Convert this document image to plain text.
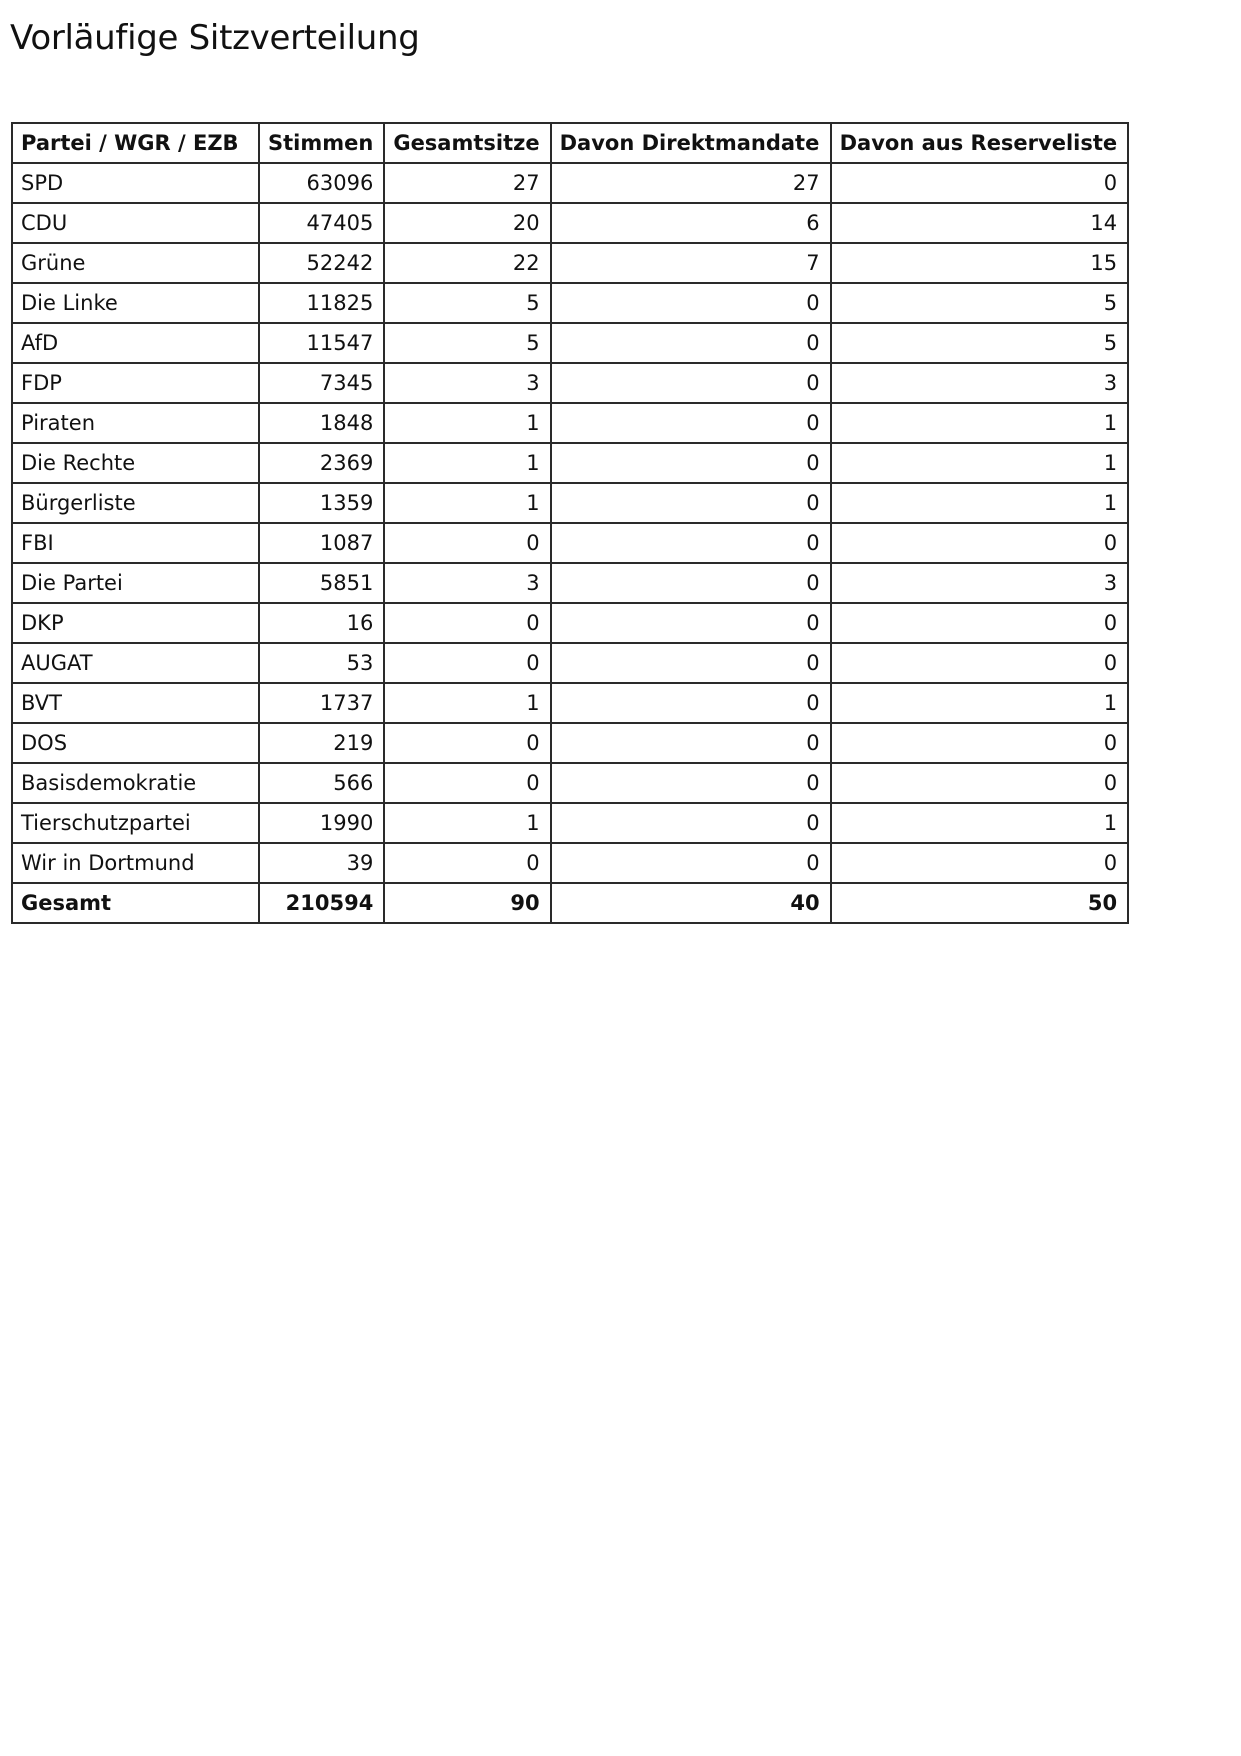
Vorläufige Sitzverteilung
Partei / WGR / EZB	Stimmen	Gesamtsitze	Davon Direktmandate	Davon aus Reserveliste
SPD	63096	27	27	0
CDU	47405	20	6	14
Grüne	52242	22	7	15
Die Linke	11825	5	0	5
AfD	11547	5	0	5
FDP	7345	3	0	3
Piraten	1848	1	0	1
Die Rechte	2369	1	0	1
Bürgerliste	1359	1	0	1
FBI	1087	0	0	0
Die Partei	5851	3	0	3
DKP	16	0	0	0
AUGAT	53	0	0	0
BVT	1737	1	0	1
DOS	219	0	0	0
Basisdemokratie	566	0	0	0
Tierschutzpartei	1990	1	0	1
Wir in Dortmund	39	0	0	0
Gesamt	210594	90	40	50
